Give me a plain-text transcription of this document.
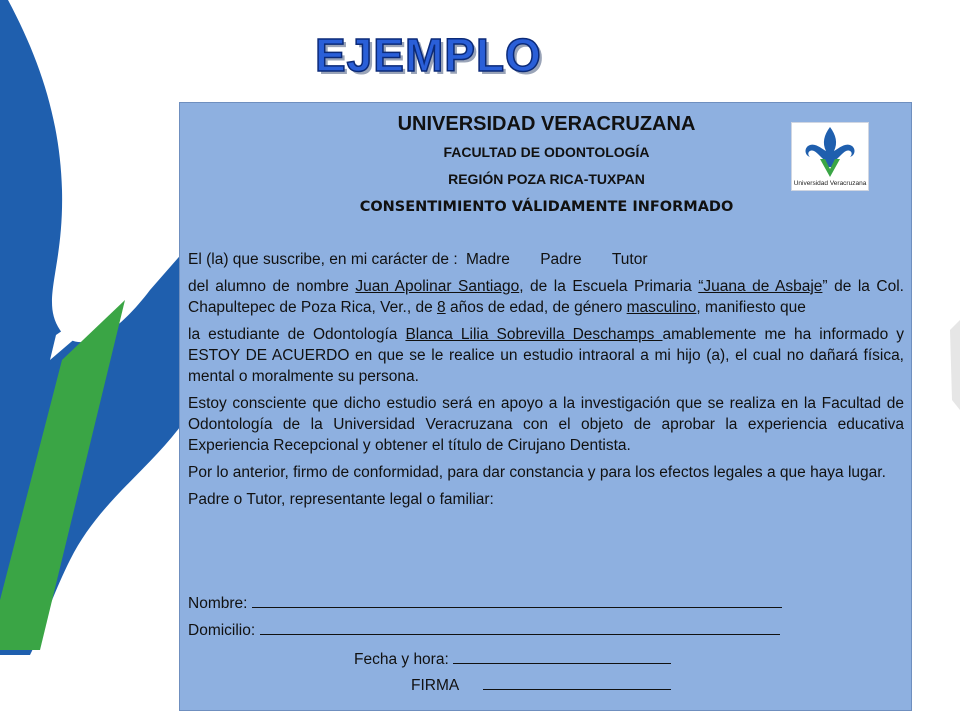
EJEMPLO
UNIVERSIDAD VERACRUZANA
FACULTAD DE ODONTOLOGÍA
REGIÓN POZA RICA-TUXPAN
CONSENTIMIENTO VÁLIDAMENTE INFORMADO
Universidad Veracruzana

El (la) que suscribe, en mi carácter de : Madre Padre Tutor

del alumno de nombre Juan Apolinar Santiago, de la Escuela Primaria “Juana de Asbaje” de la Col. Chapultepec de Poza Rica, Ver., de 8 años de edad, de género masculino, manifiesto que

la estudiante de Odontología Blanca Lilia Sobrevilla Deschamps amablemente me ha informado y ESTOY DE ACUERDO en que se le realice un estudio intraoral a mi hijo (a), el cual no dañará física, mental o moralmente su persona.

Estoy consciente que dicho estudio será en apoyo a la investigación que se realiza en la Facultad de Odontología de la Universidad Veracruzana con el objeto de aprobar la experiencia educativa Experiencia Recepcional y obtener el título de Cirujano Dentista.

Por lo anterior, firmo de conformidad, para dar constancia y para los efectos legales a que haya lugar.

Padre o Tutor, representante legal o familiar:

Nombre:
Domicilio:
Fecha y hora:
FIRMA
